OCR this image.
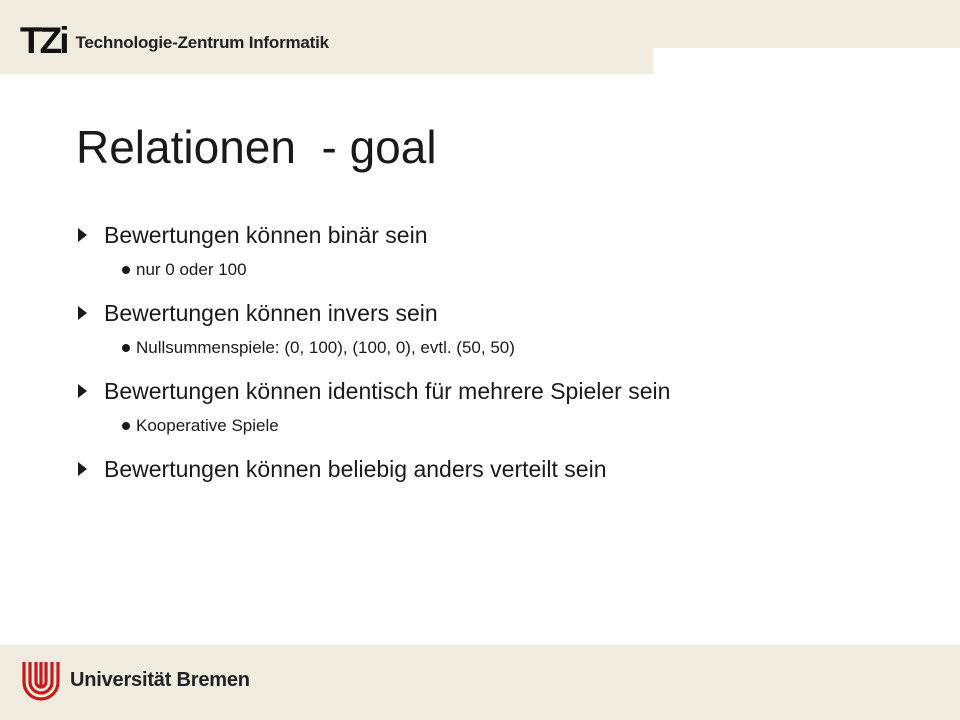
TZi Technologie-Zentrum Informatik
Relationen  - goal
Bewertungen können binär sein
nur 0 oder 100
Bewertungen können invers sein
Nullsummenspiele: (0, 100), (100, 0), evtl. (50, 50)
Bewertungen können identisch für mehrere Spieler sein
Kooperative Spiele
Bewertungen können beliebig anders verteilt sein
Universität Bremen
